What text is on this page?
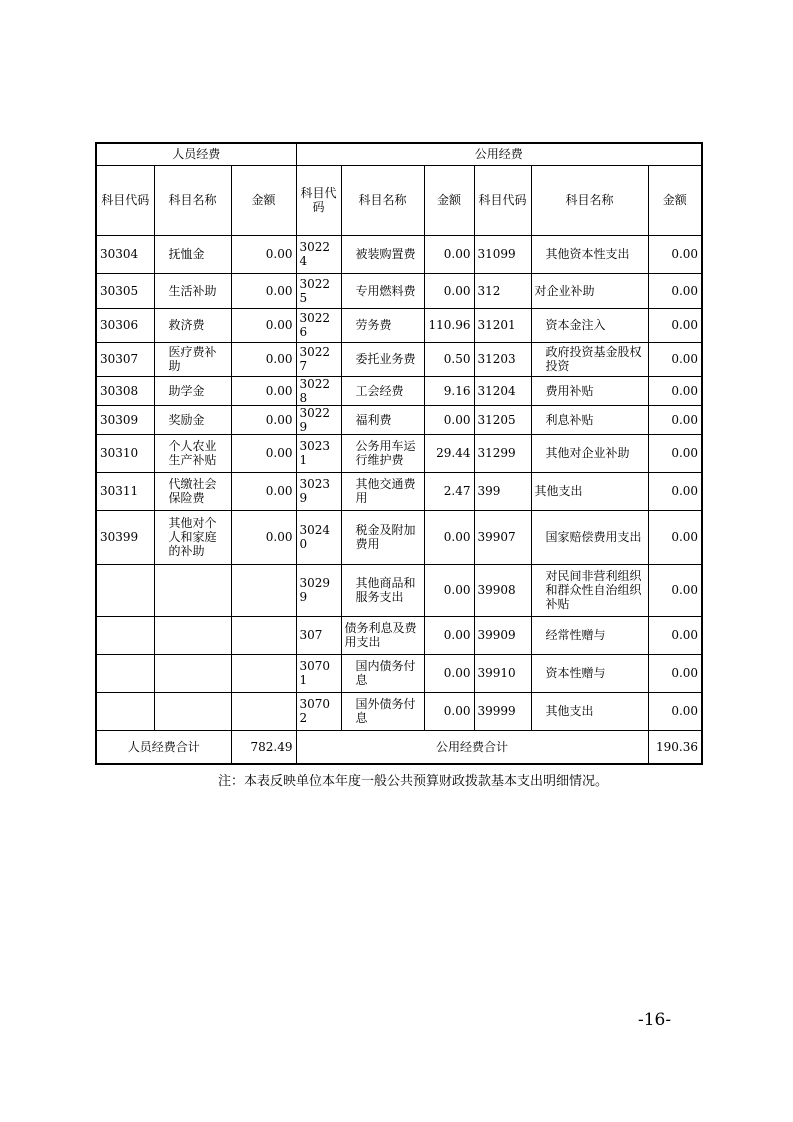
人员经费			公用经费					
科目代码	科目名称	金额	科目代码	科目名称	金额	科目代码	科目名称	金额
30304	抚恤金	0.00	30224	被装购置费	0.00	31099	其他资本性支出	0.00
30305	生活补助	0.00	30225	专用燃料费	0.00	312	对企业补助	0.00
30306	救济费	0.00	30226	劳务费	110.96	31201	资本金注入	0.00
30307	医疗费补助	0.00	30227	委托业务费	0.50	31203	政府投资基金股权投资	0.00
30308	助学金	0.00	30228	工会经费	9.16	31204	费用补贴	0.00
30309	奖励金	0.00	30229	福利费	0.00	31205	利息补贴	0.00
30310	个人农业生产补贴	0.00	30231	公务用车运行维护费	29.44	31299	其他对企业补助	0.00
30311	代缴社会保险费	0.00	30239	其他交通费用	2.47	399	其他支出	0.00
30399	其他对个人和家庭的补助	0.00	30240	税金及附加费用	0.00	39907	国家赔偿费用支出	0.00
			30299	其他商品和服务支出	0.00	39908	对民间非营利组织和群众性自治组织补贴	0.00
			307	债务利息及费用支出	0.00	39909	经常性赠与	0.00
			30701	国内债务付息	0.00	39910	资本性赠与	0.00
			30702	国外债务付息	0.00	39999	其他支出	0.00
人员经费合计		782.49	公用经费合计					190.36
注：本表反映单位本年度一般公共预算财政拨款基本支出明细情况。
-16-
